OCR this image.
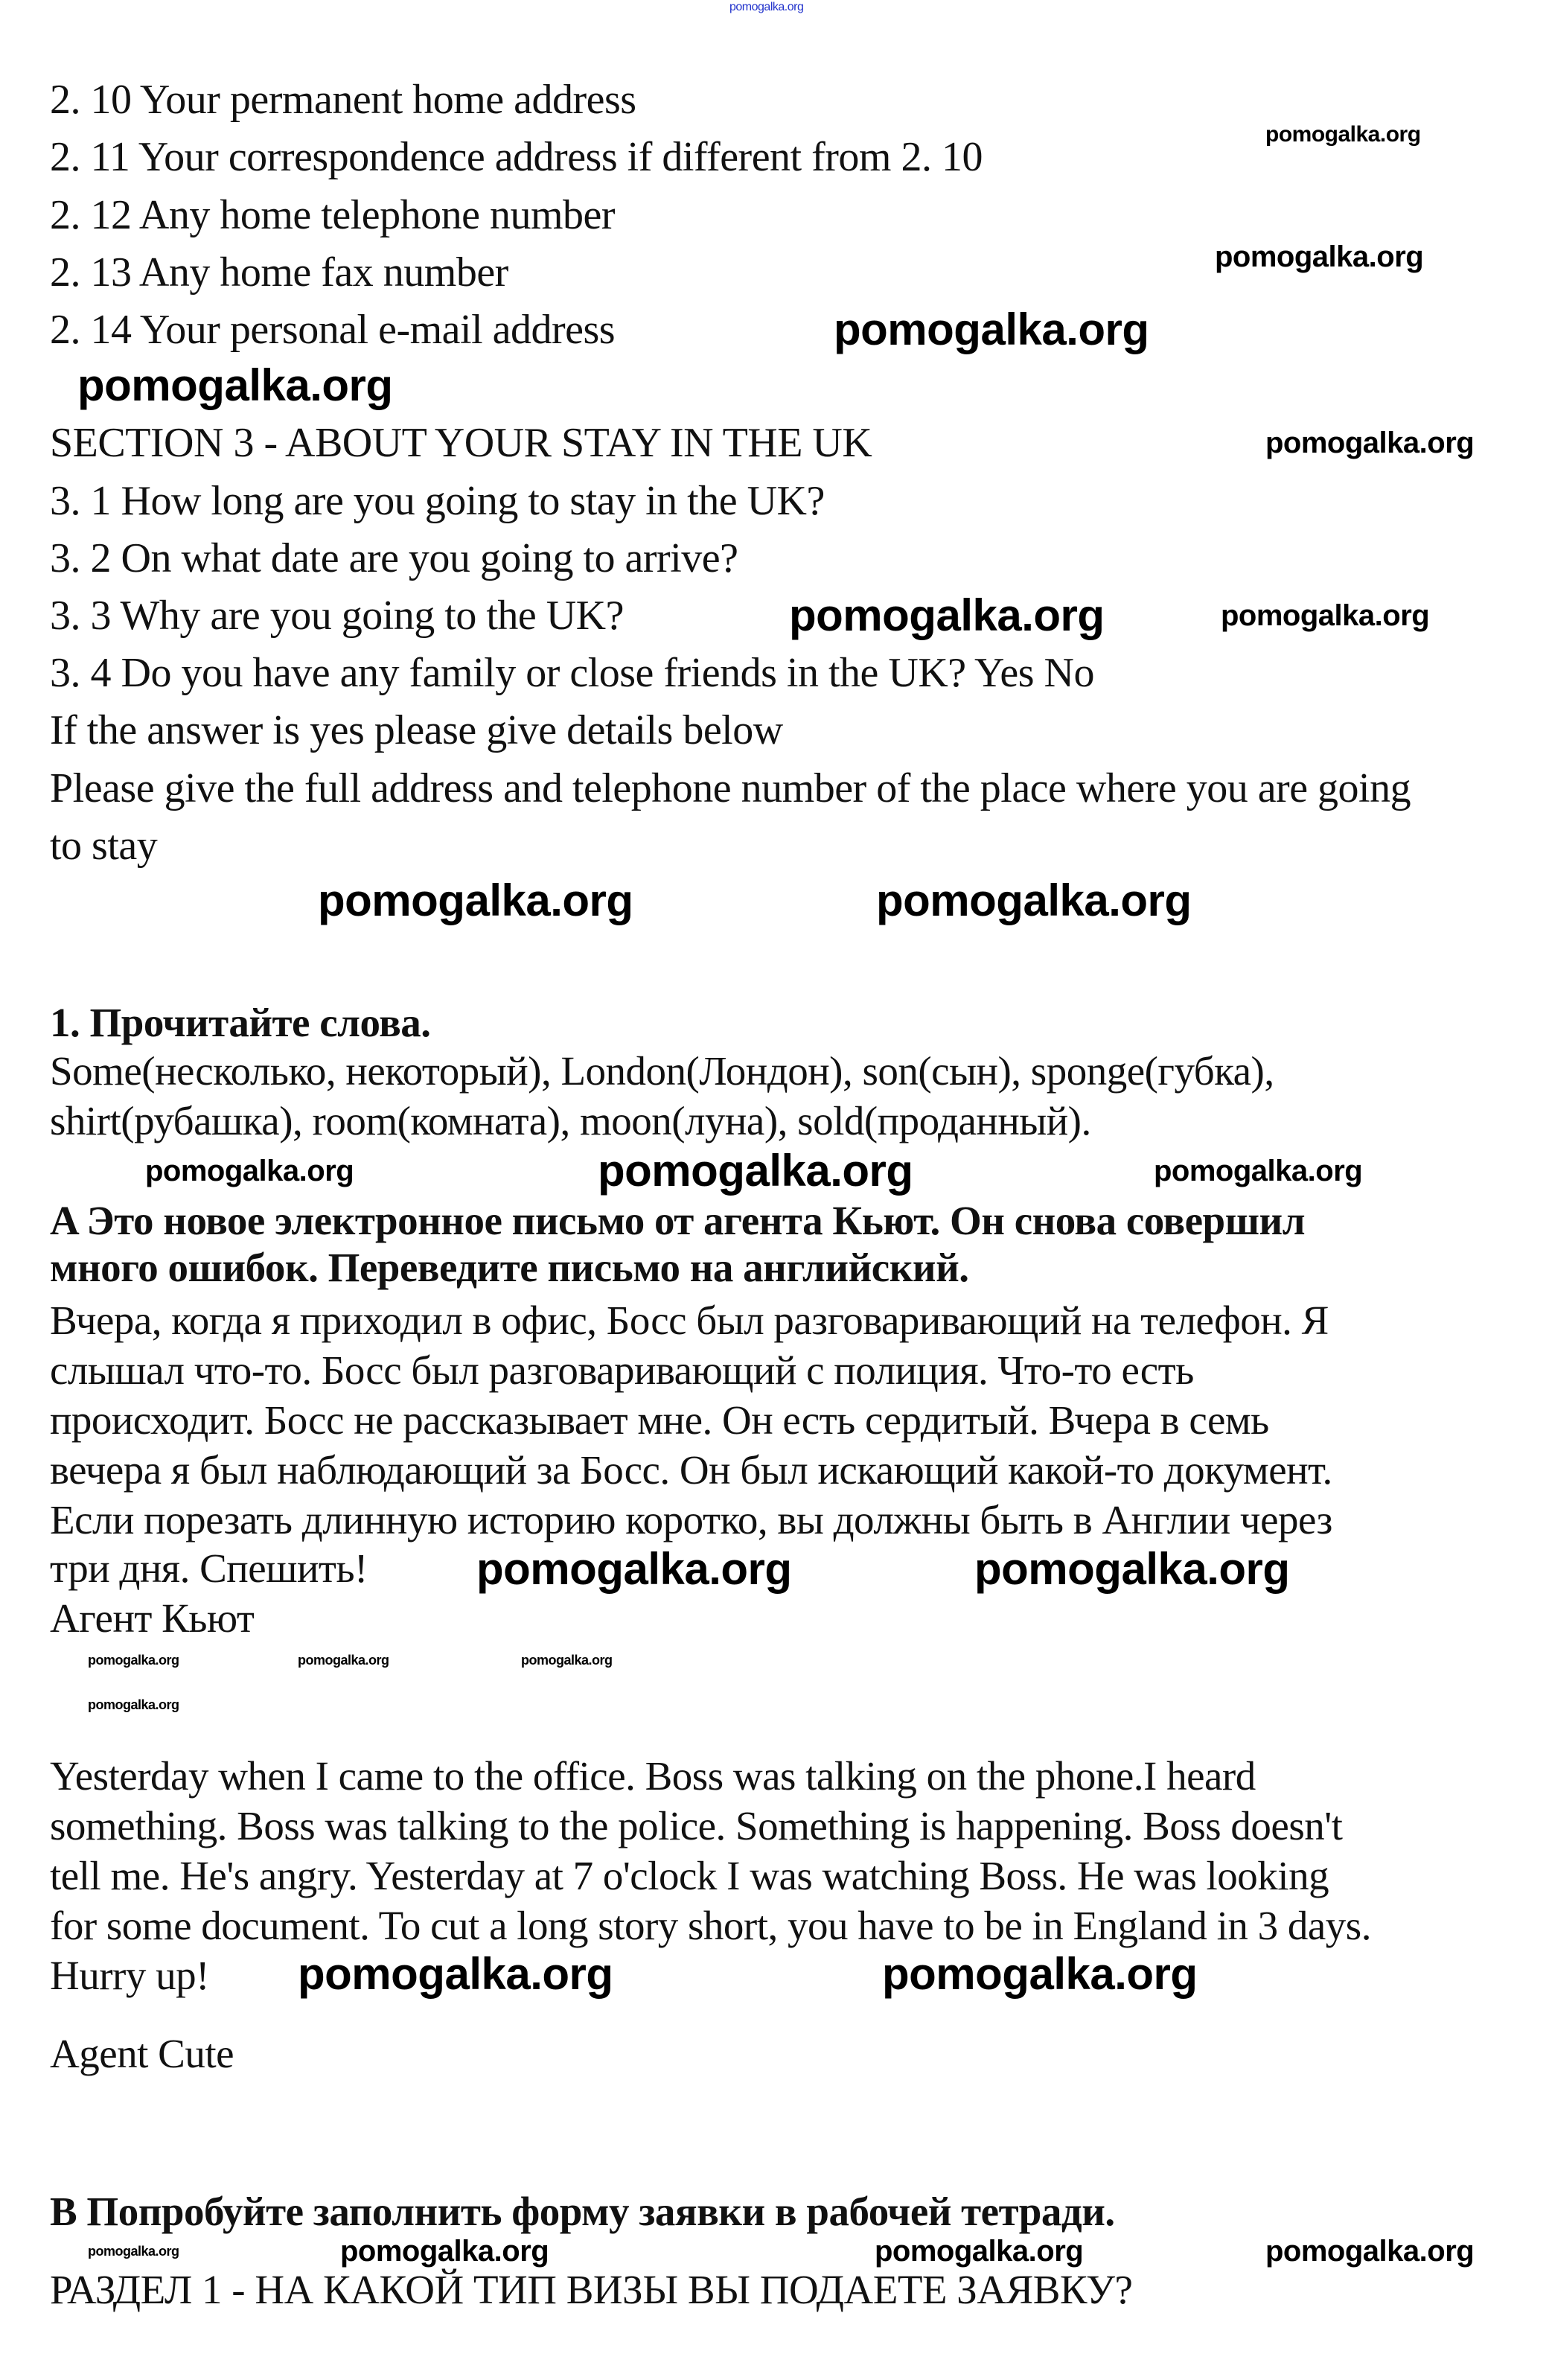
2. 10 Your permanent home address
2. 11 Your correspondence address if different from 2. 10
2. 12 Any home telephone number
2. 13 Any home fax number
2. 14 Your personal e-mail address
SECTION 3 - ABOUT YOUR STAY IN THE UK
3. 1 How long are you going to stay in the UK?
3. 2 On what date are you going to arrive?
3. 3 Why are you going to the UK?
3. 4 Do you have any family or close friends in the UK? Yes No
If the answer is yes please give details below
Please give the full address and telephone number of the place where you are going
to stay
1. Прочитайте слова.
Some(несколько, некоторый), London(Лондон), son(сын), sponge(губка),
shirt(рубашка), room(комната), moon(луна), sold(проданный).
A Это новое электронное письмо от агента Кьют. Он снова совершил
много ошибок. Переведите письмо на английский.
Вчера, когда я приходил в офис, Босс был разговаривающий на телефон. Я
слышал что-то. Босс был разговаривающий с полиция. Что-то есть
происходит. Босс не рассказывает мне. Он есть сердитый. Вчера в семь
вечера я был наблюдающий за Босс. Он был искающий какой-то документ.
Если порезать длинную историю коротко, вы должны быть в Англии через
три дня. Спешить!
Агент Кьют
Yesterday when I came to the office. Boss was talking on the phone.I heard
something. Boss was talking to the police. Something is happening. Boss doesn't
tell me. He's angry. Yesterday at 7 o'clock I was watching Boss. He was looking
for some document. To cut a long story short, you have to be in England in 3 days.
Hurry up!
Agent Cute
B Попробуйте заполнить форму заявки в рабочей тетради.
РАЗДЕЛ 1 - НА КАКОЙ ТИП ВИЗЫ ВЫ ПОДАЕТЕ ЗАЯВКУ?
pomogalka.org
pomogalka.org
pomogalka.org
pomogalka.org
pomogalka.org
pomogalka.org
pomogalka.org	pomogalka.org
pomogalka.org	pomogalka.org
pomogalka.org	pomogalka.org	pomogalka.org
pomogalka.org	pomogalka.org
pomogalka.org	pomogalka.org
pomogalka.org
pomogalka.org
pomogalka.org	pomogalka.org
pomogalka.org	pomogalka.org	pomogalka.org	pomogalka.org
